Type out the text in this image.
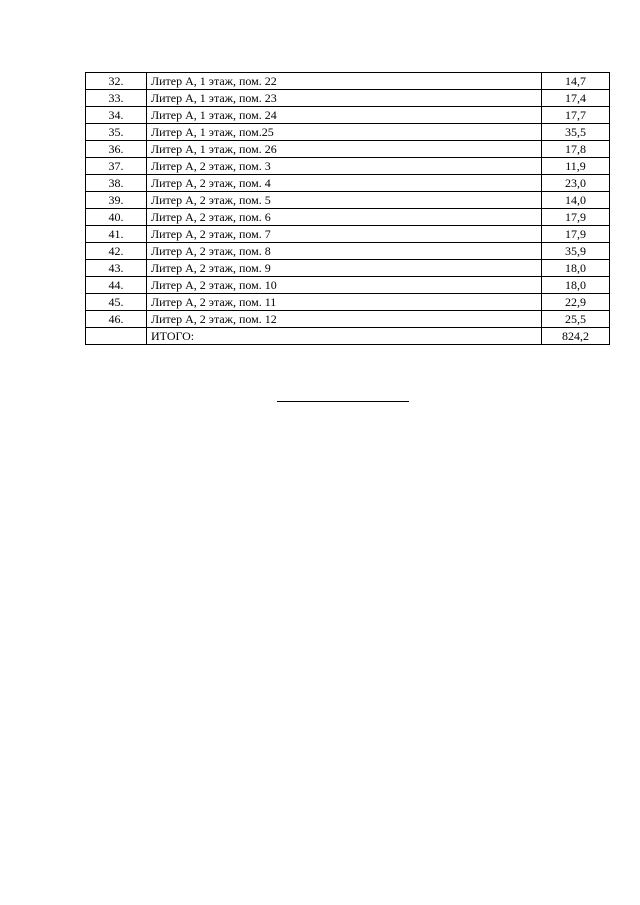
32.	Литер А, 1 этаж, пом. 22	14,7
33.	Литер А, 1 этаж, пом. 23	17,4
34.	Литер А, 1 этаж, пом. 24	17,7
35.	Литер А, 1 этаж, пом.25	35,5
36.	Литер А, 1 этаж, пом. 26	17,8
37.	Литер А, 2 этаж, пом. 3	11,9
38.	Литер А, 2 этаж, пом. 4	23,0
39.	Литер А, 2 этаж, пом. 5	14,0
40.	Литер А, 2 этаж, пом. 6	17,9
41.	Литер А, 2 этаж, пом. 7	17,9
42.	Литер А, 2 этаж, пом. 8	35,9
43.	Литер А, 2 этаж, пом. 9	18,0
44.	Литер А, 2 этаж, пом. 10	18,0
45.	Литер А, 2 этаж, пом. 11	22,9
46.	Литер А, 2 этаж, пом. 12	25,5
	ИТОГО:	824,2
